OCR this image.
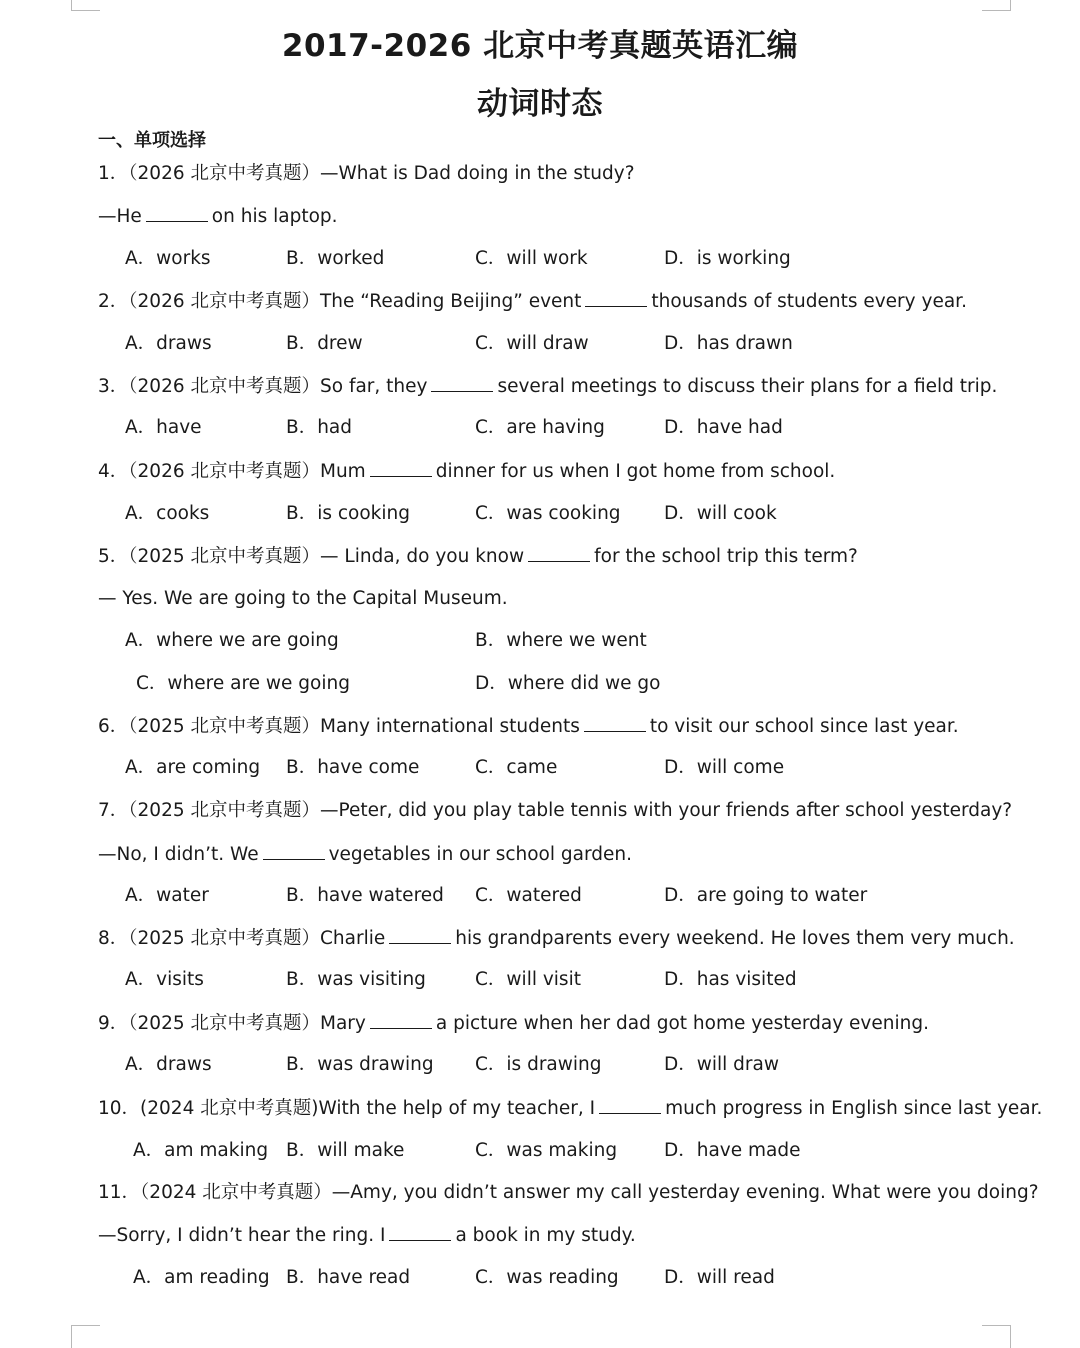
2017-2026 北京中考真题英语汇编
动词时态
一、单项选择
1．（2026 北京中考真题）—What is Dad doing in the study?
—He	on his laptop.
A．works	B．worked	C．will work	D．is working
2．（2026 北京中考真题）The “Reading Beijing” event	thousands of students every year.
A．draws	B．drew	C．will draw	D．has drawn
3．（2026 北京中考真题）So far, they	several meetings to discuss their plans for a field trip.
A．have	B．had	C．are having	D．have had
4．（2026 北京中考真题）Mum	dinner for us when I got home from school.
A．cooks	B．is cooking	C．was cooking D．will cook
5．（2025 北京中考真题）— Linda, do you know	for the school trip this term?
— Yes. We are going to the Capital Museum.
A．where we are going	B．where we went
C．where are we going	D．where did we go
6．（2025 北京中考真题）Many international students	to visit our school since last year.
A．are coming B．have come	C．came	D．will come
7．（2025 北京中考真题）—Peter, did you play table tennis with your friends after school yesterday?
—No, I didn’t. We	vegetables in our school garden.
A．water	B．have watered C．watered	D．are going to water
8．（2025 北京中考真题）Charlie	his grandparents every weekend. He loves them very much.
A．visits	B．was visiting	C．will visit	D．has visited
9．（2025 北京中考真题）Mary	a picture when her dad got home yesterday evening.
A．draws	B．was drawing C．is drawing	D．will draw
10．(2024 北京中考真题)With the help of my teacher, I	much progress in English since last year.
A．am making B．will make	C．was making	D．have made
11．（2024 北京中考真题）—Amy, you didn’t answer my call yesterday evening. What were you doing?
—Sorry, I didn’t hear the ring. I	a book in my study.
A．am reading B．have read	C．was reading D．will read
